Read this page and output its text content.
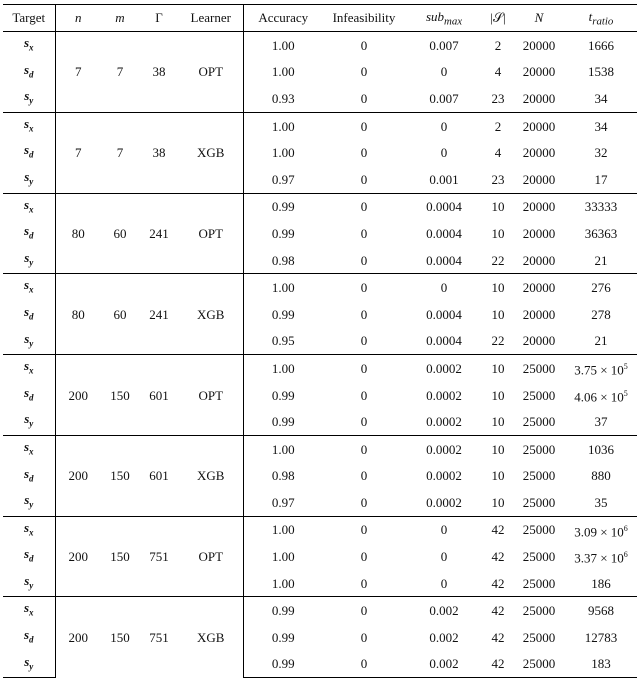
Target	n	m	Γ	Learner	Accuracy	Infeasibility	sub$_{max}$	|𝒮|	N	$t_{ratio}$
$s_x$	7	7	38	OPT	1.00	0	0.007	2	20000	1666
$s_d$					1.00	0	0	4	20000	1538
$s_y$					0.93	0	0.007	23	20000	34
$s_x$	7	7	38	XGB	1.00	0	0	2	20000	34
$s_d$					1.00	0	0	4	20000	32
$s_y$					0.97	0	0.001	23	20000	17
$s_x$	80	60	241	OPT	0.99	0	0.0004	10	20000	33333
$s_d$					0.99	0	0.0004	10	20000	36363
$s_y$					0.98	0	0.0004	22	20000	21
$s_x$	80	60	241	XGB	1.00	0	0	10	20000	276
$s_d$					0.99	0	0.0004	10	20000	278
$s_y$					0.95	0	0.0004	22	20000	21
$s_x$	200	150	601	OPT	1.00	0	0.0002	10	25000	$3.75 \times 10^5$
$s_d$					0.99	0	0.0002	10	25000	$4.06 \times 10^5$
$s_y$					0.99	0	0.0002	10	25000	37
$s_x$	200	150	601	XGB	1.00	0	0.0002	10	25000	1036
$s_d$					0.98	0	0.0002	10	25000	880
$s_y$					0.97	0	0.0002	10	25000	35
$s_x$	200	150	751	OPT	1.00	0	0	42	25000	$3.09 \times 10^6$
$s_d$					1.00	0	0	42	25000	$3.37 \times 10^6$
$s_y$					1.00	0	0	42	25000	186
$s_x$	200	150	751	XGB	0.99	0	0.002	42	25000	9568
$s_d$					0.99	0	0.002	42	25000	12783
$s_y$					0.99	0	0.002	42	25000	183
